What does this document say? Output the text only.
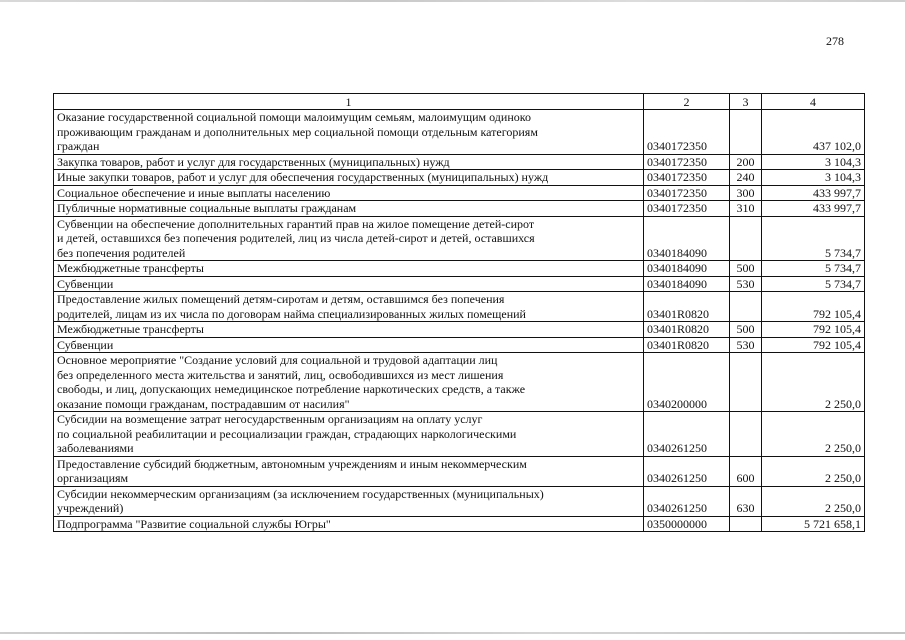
278
1	2	3	4

Оказание государственной социальной помощи малоимущим семьям, малоимущим одиноко
проживающим гражданам и дополнительных мер социальной помощи отдельным категориям
граждан	0340172350		437 102,0

Закупка товаров, работ и услуг для государственных (муниципальных) нужд	0340172350	200	3 104,3

Иные закупки товаров, работ и услуг для обеспечения государственных (муниципальных) нужд	0340172350	240	3 104,3

Социальное обеспечение и иные выплаты населению	0340172350	300	433 997,7

Публичные нормативные социальные выплаты гражданам	0340172350	310	433 997,7

Субвенции на обеспечение дополнительных гарантий прав на жилое помещение детей-сирот
и детей, оставшихся без попечения родителей, лиц из числа детей-сирот и детей, оставшихся
без попечения родителей	0340184090		5 734,7

Межбюджетные трансферты	0340184090	500	5 734,7

Субвенции	0340184090	530	5 734,7

Предоставление жилых помещений детям-сиротам и детям, оставшимся без попечения
родителей, лицам из их числа по договорам найма специализированных жилых помещений	03401R0820		792 105,4

Межбюджетные трансферты	03401R0820	500	792 105,4

Субвенции	03401R0820	530	792 105,4

Основное мероприятие "Создание условий для социальной и трудовой адаптации лиц
без определенного места жительства и занятий, лиц, освободившихся из мест лишения
свободы, и лиц, допускающих немедицинское потребление наркотических средств, а также
оказание помощи гражданам, пострадавшим от насилия"	0340200000		2 250,0

Субсидии на возмещение затрат негосударственным организациям на оплату услуг
по социальной реабилитации и ресоциализации граждан, страдающих наркологическими
заболеваниями	0340261250		2 250,0

Предоставление субсидий бюджетным, автономным учреждениям и иным некоммерческим
организациям	0340261250	600	2 250,0

Субсидии некоммерческим организациям (за исключением государственных (муниципальных)
учреждений)	0340261250	630	2 250,0

Подпрограмма "Развитие социальной службы Югры"	0350000000		5 721 658,1
